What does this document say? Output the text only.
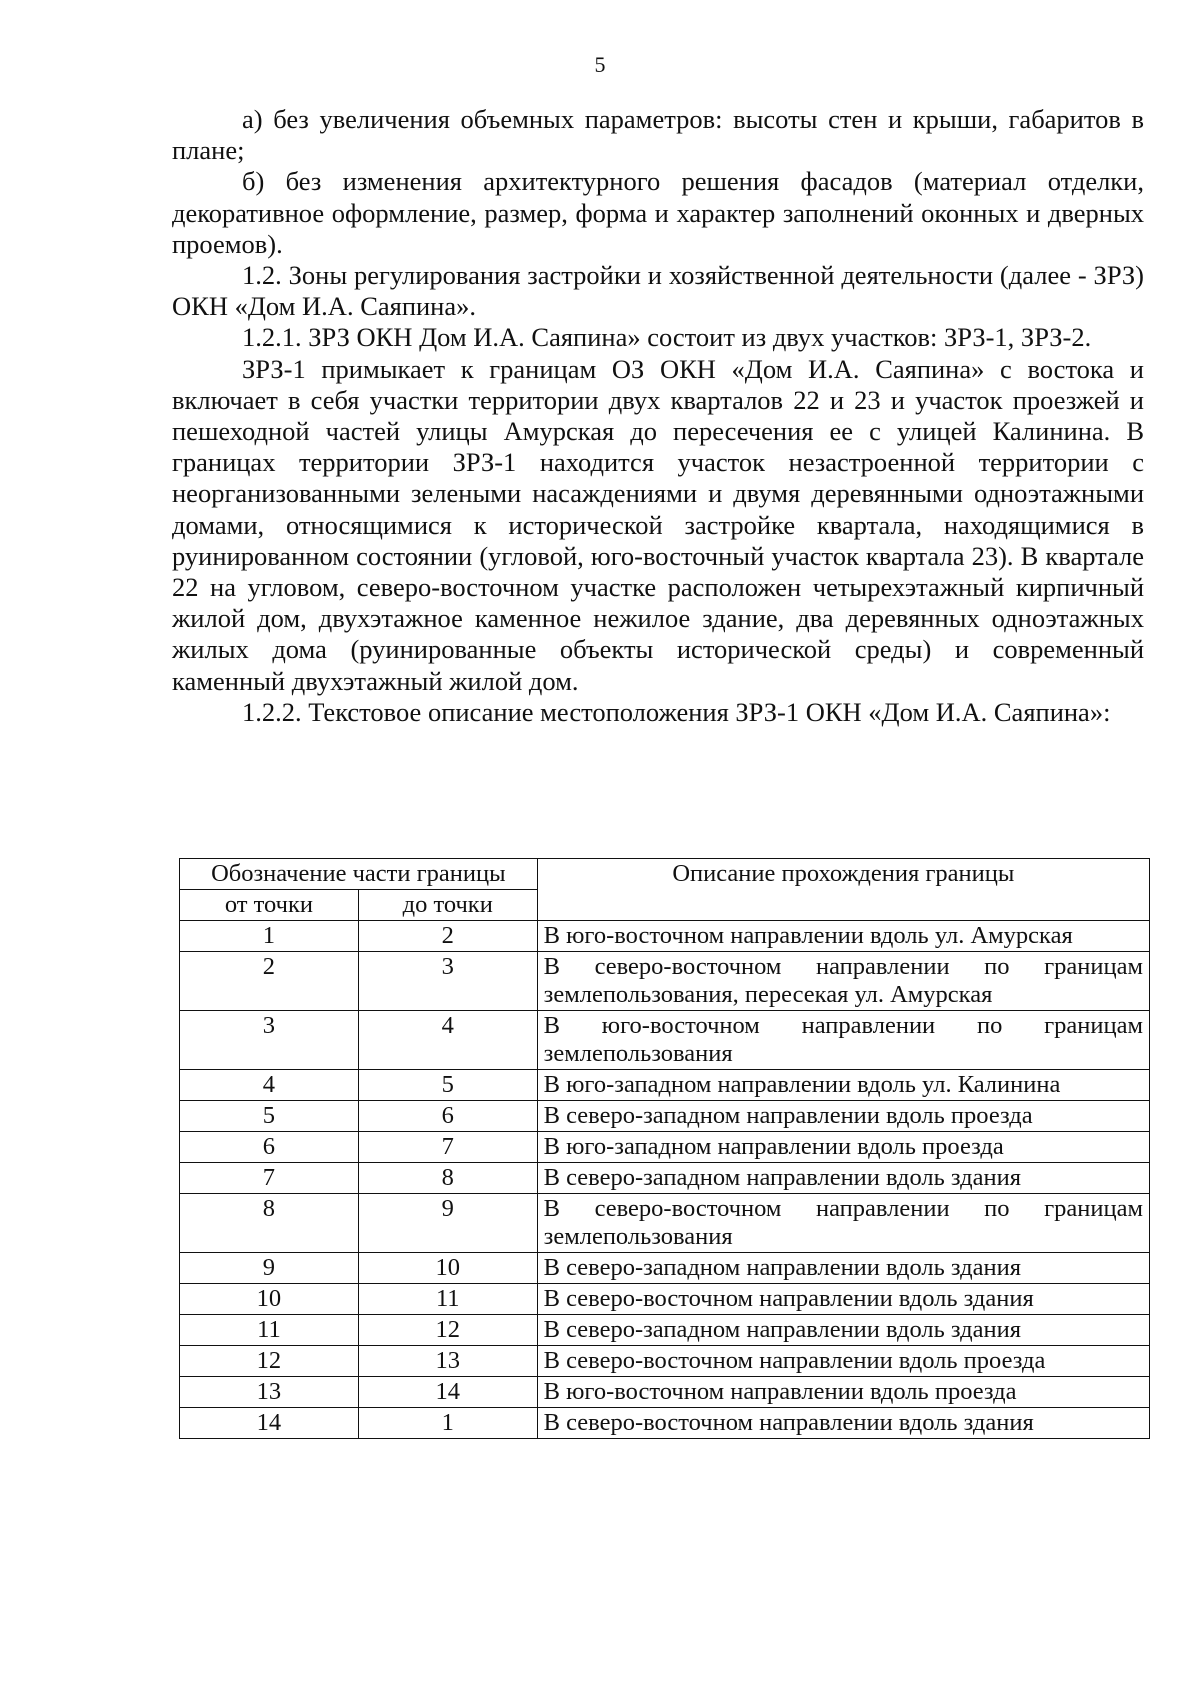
5

а) без увеличения объемных параметров: высоты стен и крыши, габаритов в плане;

б) без изменения архитектурного решения фасадов (материал отделки, декоративное оформление, размер, форма и характер заполнений оконных и дверных проемов).

1.2. Зоны регулирования застройки и хозяйственной деятельности (далее - ЗРЗ) ОКН «Дом И.А. Саяпина».

1.2.1. ЗРЗ ОКН Дом И.А. Саяпина» состоит из двух участков: ЗРЗ-1, ЗРЗ-2.

ЗРЗ-1 примыкает к границам ОЗ ОКН «Дом И.А. Саяпина» с востока и включает в себя участки территории двух кварталов 22 и 23 и участок проезжей и пешеходной частей улицы Амурская до пересечения ее с улицей Калинина. В границах территории ЗРЗ-1 находится участок незастроенной территории с неорганизованными зелеными насаждениями и двумя деревянными одноэтажными домами, относящимися к исторической застройке квартала, находящимися в руинированном состоянии (угловой, юго-восточный участок квартала 23). В квартале 22 на угловом, северо-восточном участке расположен четырехэтажный кирпичный жилой дом, двухэтажное каменное нежилое здание, два деревянных одноэтажных жилых дома (руинированные объекты исторической среды) и современный каменный двухэтажный жилой дом.

1.2.2. Текстовое описание местоположения ЗРЗ-1 ОКН «Дом И.А. Саяпина»:

Обозначение части границы		Описание прохождения границы
от точки	до точки	
1	2	В юго-восточном направлении вдоль ул. Амурская
2	3	В северо-восточном направлении по границам землепользования, пересекая ул. Амурская
3	4	В юго-восточном направлении по границам землепользования
4	5	В юго-западном направлении вдоль ул. Калинина
5	6	В северо-западном направлении вдоль проезда
6	7	В юго-западном направлении вдоль проезда
7	8	В северо-западном направлении вдоль здания
8	9	В северо-восточном направлении по границам землепользования
9	10	В северо-западном направлении вдоль здания
10	11	В северо-восточном направлении вдоль здания
11	12	В северо-западном направлении вдоль здания
12	13	В северо-восточном направлении вдоль проезда
13	14	В юго-восточном направлении вдоль проезда
14	1	В северо-восточном направлении вдоль здания
